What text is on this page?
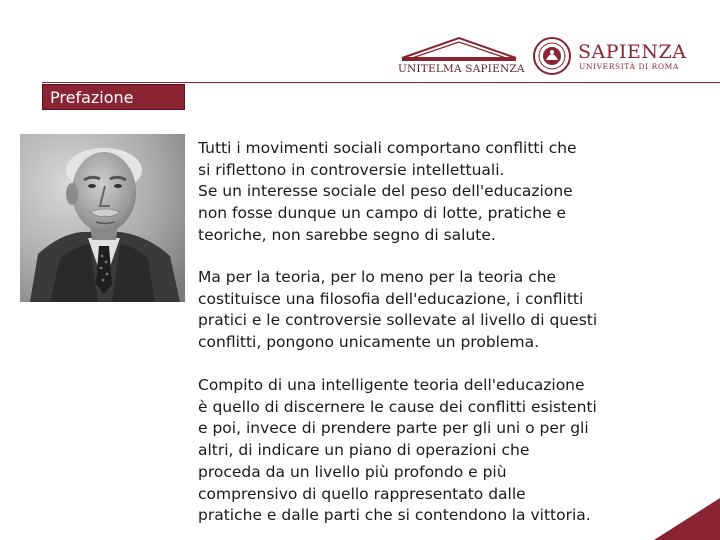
UNITELMA SAPIENZA
SAPIENZA
UNIVERSITÀ DI ROMA
Prefazione
Tutti i movimenti sociali comportano conflitti che
si riflettono in controversie intellettuali.
Se un interesse sociale del peso dell'educazione
non fosse dunque un campo di lotte, pratiche e
teoriche, non sarebbe segno di salute.
Ma per la teoria, per lo meno per la teoria che
costituisce una filosofia dell'educazione, i conflitti
pratici e le controversie sollevate al livello di questi
conflitti, pongono unicamente un problema.
Compito di una intelligente teoria dell'educazione
è quello di discernere le cause dei conflitti esistenti
e poi, invece di prendere parte per gli uni o per gli
altri, di indicare un piano di operazioni che
proceda da un livello più profondo e più
comprensivo di quello rappresentato dalle
pratiche e dalle parti che si contendono la vittoria.	3
